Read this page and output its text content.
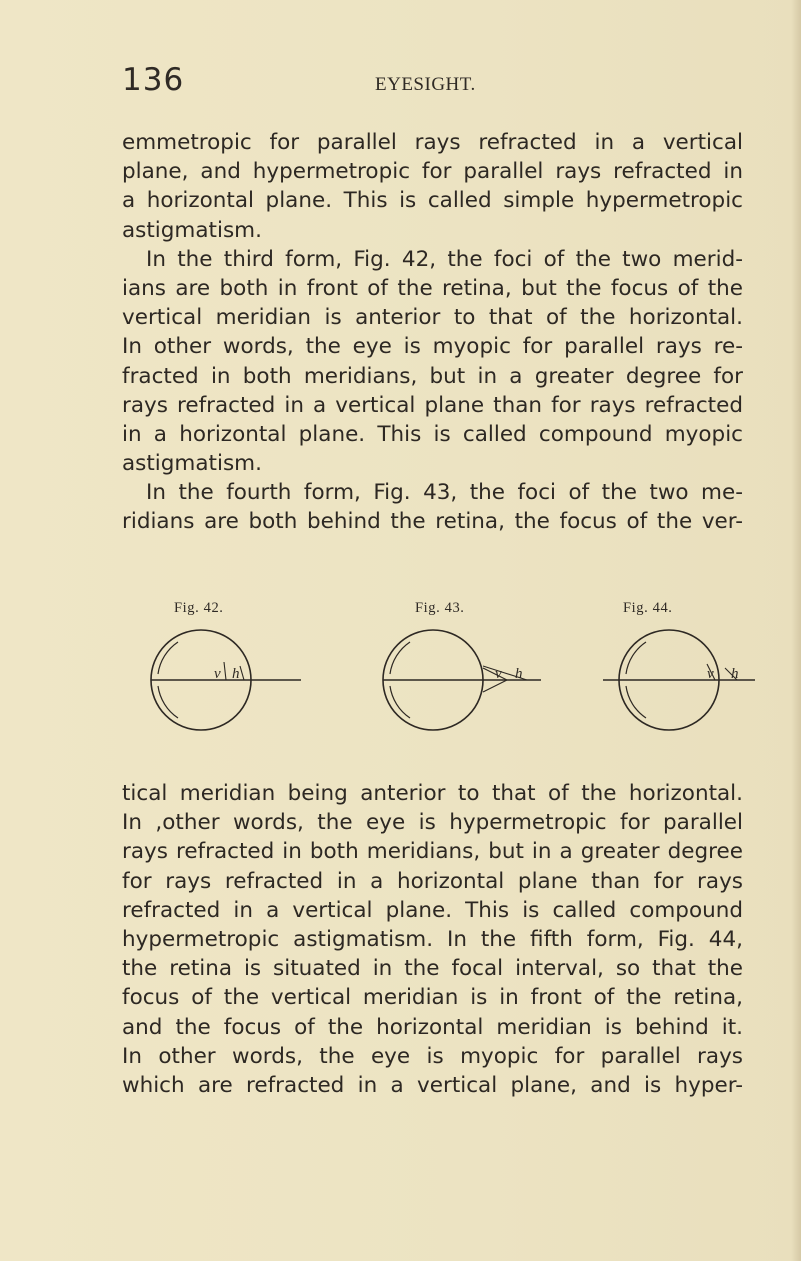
136	EYESIGHT.
emmetropic for parallel rays refracted in a vertical
plane, and hypermetropic for parallel rays refracted in
a horizontal plane. This is called simple hypermetropic
astigmatism.
In the third form, Fig. 42, the foci of the two merid-
ians are both in front of the retina, but the focus of the
vertical meridian is anterior to that of the horizontal.
In other words, the eye is myopic for parallel rays re-
fracted in both meridians, but in a greater degree for
rays refracted in a vertical plane than for rays refracted
in a horizontal plane. This is called compound myopic
astigmatism.
In the fourth form, Fig. 43, the foci of the two me-
ridians are both behind the retina, the focus of the ver-
Fig. 42.
v h
Fig. 43.
v h
Fig. 44.
v h
tical meridian being anterior to that of the horizontal.
In ,other words, the eye is hypermetropic for parallel
rays refracted in both meridians, but in a greater degree
for rays refracted in a horizontal plane than for rays
refracted in a vertical plane. This is called compound
hypermetropic astigmatism. In the fifth form, Fig. 44,
the retina is situated in the focal interval, so that the
focus of the vertical meridian is in front of the retina,
and the focus of the horizontal meridian is behind it.
In other words, the eye is myopic for parallel rays
which are refracted in a vertical plane, and is hyper-
